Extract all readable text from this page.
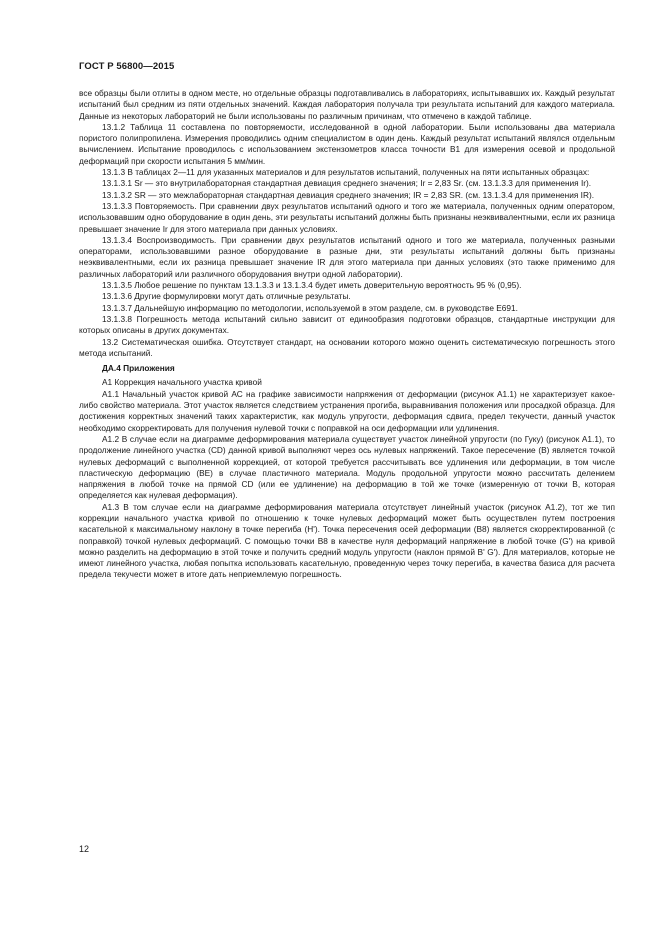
ГОСТ Р 56800—2015

все образцы были отлиты в одном месте, но отдельные образцы подготавливались в лабораториях, испытывавших их. Каждый результат испытаний был средним из пяти отдельных значений. Каждая лаборатория получала три результата испытаний для каждого материала. Данные из некоторых лабораторий не были использованы по различным причинам, что отмечено в каждой таблице.

13.1.2 Таблица 11 составлена по повторяемости, исследованной в одной лаборатории. Были использованы два материала пористого полипропилена. Измерения проводились одним специалистом в один день. Каждый результат испытаний являлся отдельным вычислением. Испытание проводилось с использованием экстензометров класса точности В1 для измерения осевой и продольной деформаций при скорости испытания 5 мм/мин.

13.1.3 В таблицах 2—11 для указанных материалов и для результатов испытаний, полученных на пяти испытанных образцах:

13.1.3.1 Sr — это внутрилабораторная стандартная девиация среднего значения; Ir = 2,83 Sr. (см. 13.1.3.3 для применения Ir).

13.1.3.2 SR — это межлабораторная стандартная девиация среднего значения; IR = 2,83 SR. (см. 13.1.3.4 для применения IR).

13.1.3.3 Повторяемость. При сравнении двух результатов испытаний одного и того же материала, полученных одним оператором, использовавшим одно оборудование в один день, эти результаты испытаний должны быть признаны неэквивалентными, если их разница превышает значение Ir для этого материала при данных условиях.

13.1.3.4 Воспроизводимость. При сравнении двух результатов испытаний одного и того же материала, полученных разными операторами, использовавшими разное оборудование в разные дни, эти результаты испытаний должны быть признаны неэквивалентными, если их разница превышает значение IR для этого материала при данных условиях (это также применимо для различных лабораторий или различного оборудования внутри одной лаборатории).

13.1.3.5 Любое решение по пунктам 13.1.3.3 и 13.1.3.4 будет иметь доверительную вероятность 95 % (0,95).

13.1.3.6 Другие формулировки могут дать отличные результаты.

13.1.3.7 Дальнейшую информацию по методологии, используемой в этом разделе, см. в руководстве Е691.

13.1.3.8 Погрешность метода испытаний сильно зависит от единообразия подготовки образцов, стандартные инструкции для которых описаны в других документах.

13.2 Систематическая ошибка. Отсутствует стандарт, на основании которого можно оценить систематическую погрешность этого метода испытаний.

ДА.4 Приложения

А1 Коррекция начального участка кривой

А1.1 Начальный участок кривой АС на графике зависимости напряжения от деформации (рисунок А1.1) не характеризует какое-либо свойство материала. Этот участок является следствием устранения прогиба, выравнивания положения или просадкой образца. Для достижения корректных значений таких характеристик, как модуль упругости, деформация сдвига, предел текучести, данный участок необходимо скорректировать для получения нулевой точки с поправкой на оси деформации или удлинения.

А1.2 В случае если на диаграмме деформирования материала существует участок линейной упругости (по Гуку) (рисунок А1.1), то продолжение линейного участка (CD) данной кривой выполняют через ось нулевых напряжений. Такое пересечение (В) является точкой нулевых деформаций с выполненной коррекцией, от которой требуется рассчитывать все удлинения или деформации, в том числе пластическую деформацию (ВЕ) в случае пластичного материала. Модуль продольной упругости можно рассчитать делением напряжения в любой точке на прямой CD (или ее удлинение) на деформацию в той же точке (измеренную от точки В, которая определяется как нулевая деформация).

А1.3 В том случае если на диаграмме деформирования материала отсутствует линейный участок (рисунок А1.2), тот же тип коррекции начального участка кривой по отношению к точке нулевых деформаций может быть осуществлен путем построения касательной к максимальному наклону в точке перегиба (Н'). Точка пересечения осей деформации (В8) является скорректированной (с поправкой) точкой нулевых деформаций. С помощью точки В8 в качестве нуля деформаций напряжение в любой точке (G') на кривой можно разделить на деформацию в этой точке и получить средний модуль упругости (наклон прямой В' G'). Для материалов, которые не имеют линейного участка, любая попытка использовать касательную, проведенную через точку перегиба, в качества базиса для расчета предела текучести может в итоге дать неприемлемую погрешность.

12
